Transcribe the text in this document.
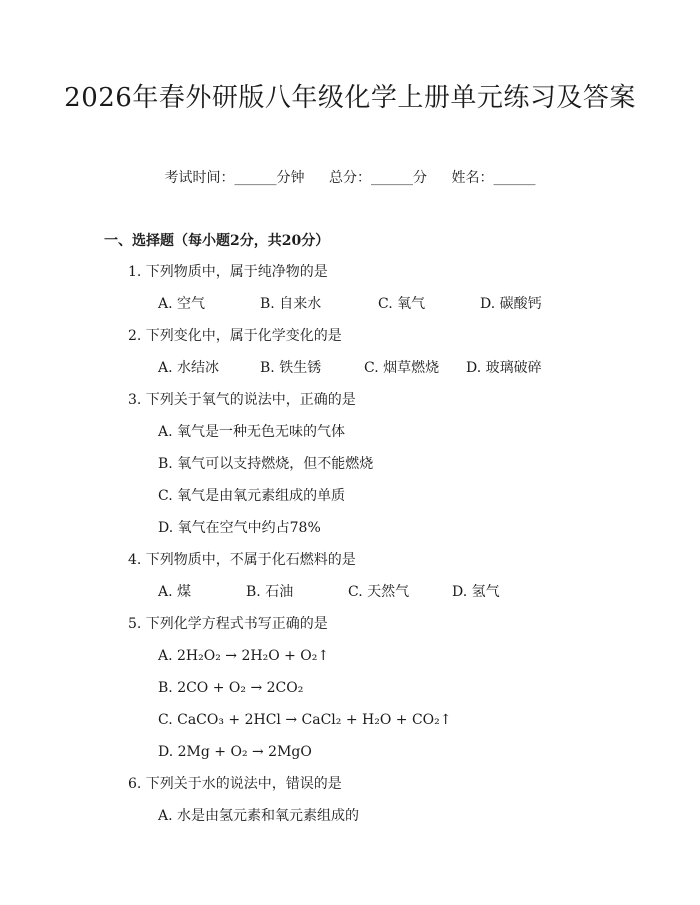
2026年春外研版八年级化学上册单元练习及答案
考试时间：______分钟 总分：______分 姓名：______
一、选择题（每小题2分，共20分）
1. 下列物质中，属于纯净物的是
A. 空气	B. 自来水	C. 氧气	D. 碳酸钙
2. 下列变化中，属于化学变化的是
A. 水结冰	B. 铁生锈	C. 烟草燃烧 D. 玻璃破碎
3. 下列关于氧气的说法中，正确的是
A. 氧气是一种无色无味的气体
B. 氧气可以支持燃烧，但不能燃烧
C. 氧气是由氧元素组成的单质
D. 氧气在空气中约占78%
4. 下列物质中，不属于化石燃料的是
A. 煤	B. 石油	C. 天然气	D. 氢气
5. 下列化学方程式书写正确的是
A. 2H₂O₂ → 2H₂O + O₂↑
B. 2CO + O₂ → 2CO₂
C. CaCO₃ + 2HCl → CaCl₂ + H₂O + CO₂↑
D. 2Mg + O₂ → 2MgO
6. 下列关于水的说法中，错误的是
A. 水是由氢元素和氧元素组成的
